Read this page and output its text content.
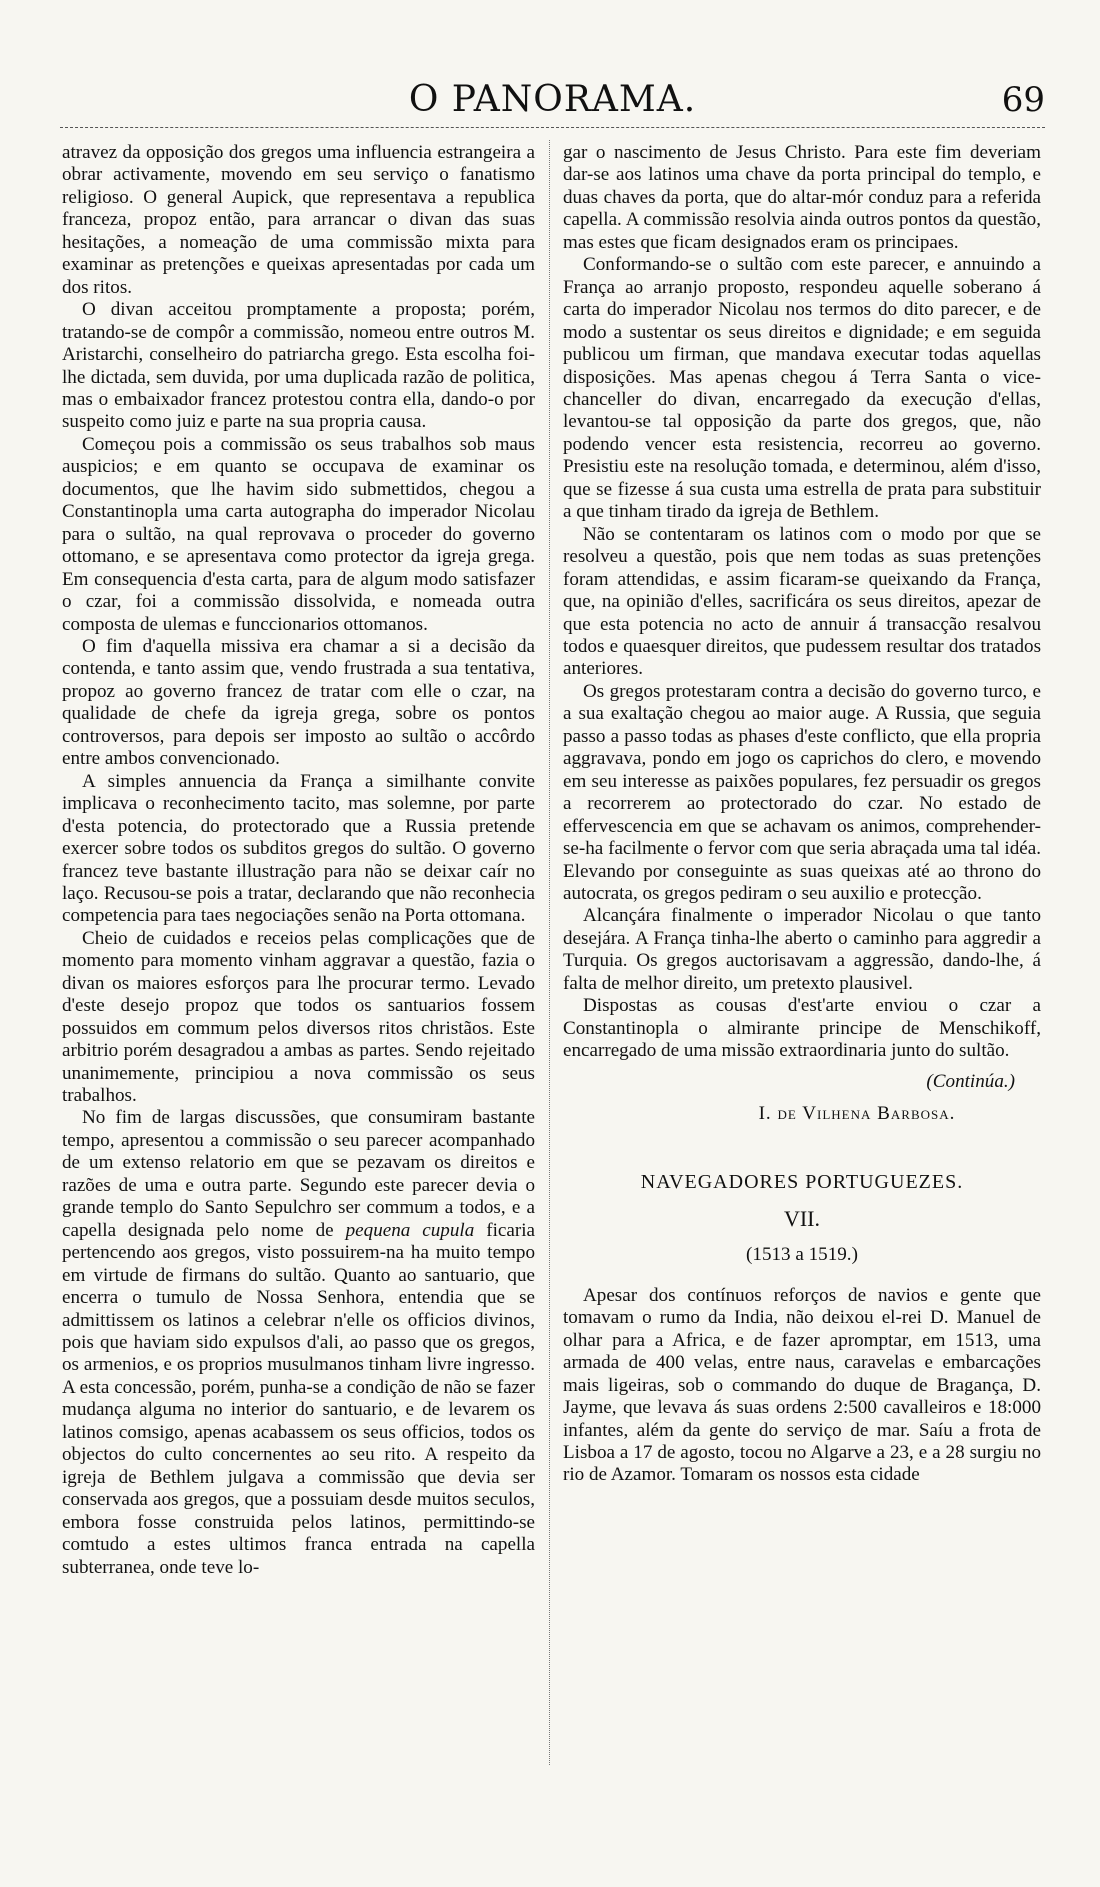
O PANORAMA.	69

atravez da opposição dos gregos uma influencia estrangeira a obrar activamente, movendo em seu serviço o fanatismo religioso. O general Aupick, que representava a republica franceza, propoz então, para arrancar o divan das suas hesitações, a nomeação de uma commissão mixta para examinar as pretenções e queixas apresentadas por cada um dos ritos.

O divan acceitou promptamente a proposta; porém, tratando-se de compôr a commissão, nomeou entre outros M. Aristarchi, conselheiro do patriarcha grego. Esta escolha foi-lhe dictada, sem duvida, por uma duplicada razão de politica, mas o embaixador francez protestou contra ella, dando-o por suspeito como juiz e parte na sua propria causa.

Começou pois a commissão os seus trabalhos sob maus auspicios; e em quanto se occupava de examinar os documentos, que lhe havim sido submettidos, chegou a Constantinopla uma carta autographa do imperador Nicolau para o sultão, na qual reprovava o proceder do governo ottomano, e se apresentava como protector da igreja grega. Em consequencia d'esta carta, para de algum modo satisfazer o czar, foi a commissão dissolvida, e nomeada outra composta de ulemas e funccionarios ottomanos.

O fim d'aquella missiva era chamar a si a decisão da contenda, e tanto assim que, vendo frustrada a sua tentativa, propoz ao governo francez de tratar com elle o czar, na qualidade de chefe da igreja grega, sobre os pontos controversos, para depois ser imposto ao sultão o accôrdo entre ambos convencionado.

A simples annuencia da França a similhante convite implicava o reconhecimento tacito, mas solemne, por parte d'esta potencia, do protectorado que a Russia pretende exercer sobre todos os subditos gregos do sultão. O governo francez teve bastante illustração para não se deixar caír no laço. Recusou-se pois a tratar, declarando que não reconhecia competencia para taes negociações senão na Porta ottomana.

Cheio de cuidados e receios pelas complicações que de momento para momento vinham aggravar a questão, fazia o divan os maiores esforços para lhe procurar termo. Levado d'este desejo propoz que todos os santuarios fossem possuidos em commum pelos diversos ritos christãos. Este arbitrio porém desagradou a ambas as partes. Sendo rejeitado unanimemente, principiou a nova commissão os seus trabalhos.

No fim de largas discussões, que consumiram bastante tempo, apresentou a commissão o seu parecer acompanhado de um extenso relatorio em que se pezavam os direitos e razões de uma e outra parte. Segundo este parecer devia o grande templo do Santo Sepulchro ser commum a todos, e a capella designada pelo nome de pequena cupula ficaria pertencendo aos gregos, visto possuirem-na ha muito tempo em virtude de firmans do sultão. Quanto ao santuario, que encerra o tumulo de Nossa Senhora, entendia que se admittissem os latinos a celebrar n'elle os officios divinos, pois que haviam sido expulsos d'ali, ao passo que os gregos, os armenios, e os proprios musulmanos tinham livre ingresso. A esta concessão, porém, punha-se a condição de não se fazer mudança alguma no interior do santuario, e de levarem os latinos comsigo, apenas acabassem os seus officios, todos os objectos do culto concernentes ao seu rito. A respeito da igreja de Bethlem julgava a commissão que devia ser conservada aos gregos, que a possuiam desde muitos seculos, embora fosse construida pelos latinos, permittindo-se comtudo a estes ultimos franca entrada na capella subterranea, onde teve lo-

gar o nascimento de Jesus Christo. Para este fim deveriam dar-se aos latinos uma chave da porta principal do templo, e duas chaves da porta, que do altar-mór conduz para a referida capella. A commissão resolvia ainda outros pontos da questão, mas estes que ficam designados eram os principaes.

Conformando-se o sultão com este parecer, e annuindo a França ao arranjo proposto, respondeu aquelle soberano á carta do imperador Nicolau nos termos do dito parecer, e de modo a sustentar os seus direitos e dignidade; e em seguida publicou um firman, que mandava executar todas aquellas disposições. Mas apenas chegou á Terra Santa o vice-chanceller do divan, encarregado da execução d'ellas, levantou-se tal opposição da parte dos gregos, que, não podendo vencer esta resistencia, recorreu ao governo. Presistiu este na resolução tomada, e determinou, além d'isso, que se fizesse á sua custa uma estrella de prata para substituir a que tinham tirado da igreja de Bethlem.

Não se contentaram os latinos com o modo por que se resolveu a questão, pois que nem todas as suas pretenções foram attendidas, e assim ficaram-se queixando da França, que, na opinião d'elles, sacrificára os seus direitos, apezar de que esta potencia no acto de annuir á transacção resalvou todos e quaesquer direitos, que pudessem resultar dos tratados anteriores.

Os gregos protestaram contra a decisão do governo turco, e a sua exaltação chegou ao maior auge. A Russia, que seguia passo a passo todas as phases d'este conflicto, que ella propria aggravava, pondo em jogo os caprichos do clero, e movendo em seu interesse as paixões populares, fez persuadir os gregos a recorrerem ao protectorado do czar. No estado de effervescencia em que se achavam os animos, comprehender-se-ha facilmente o fervor com que seria abraçada uma tal idéa. Elevando por conseguinte as suas queixas até ao throno do autocrata, os gregos pediram o seu auxilio e protecção.

Alcançára finalmente o imperador Nicolau o que tanto desejára. A França tinha-lhe aberto o caminho para aggredir a Turquia. Os gregos auctorisavam a aggressão, dando-lhe, á falta de melhor direito, um pretexto plausivel.

Dispostas as cousas d'est'arte enviou o czar a Constantinopla o almirante principe de Menschikoff, encarregado de uma missão extraordinaria junto do sultão.

(Continúa.)
I. de Vilhena Barbosa.
NAVEGADORES PORTUGUEZES.
VII.
(1513 a 1519.)

Apesar dos contínuos reforços de navios e gente que tomavam o rumo da India, não deixou el-rei D. Manuel de olhar para a Africa, e de fazer apromptar, em 1513, uma armada de 400 velas, entre naus, caravelas e embarcações mais ligeiras, sob o commando do duque de Bragança, D. Jayme, que levava ás suas ordens 2:500 cavalleiros e 18:000 infantes, além da gente do serviço de mar. Saíu a frota de Lisboa a 17 de agosto, tocou no Algarve a 23, e a 28 surgiu no rio de Azamor. Tomaram os nossos esta cidade
